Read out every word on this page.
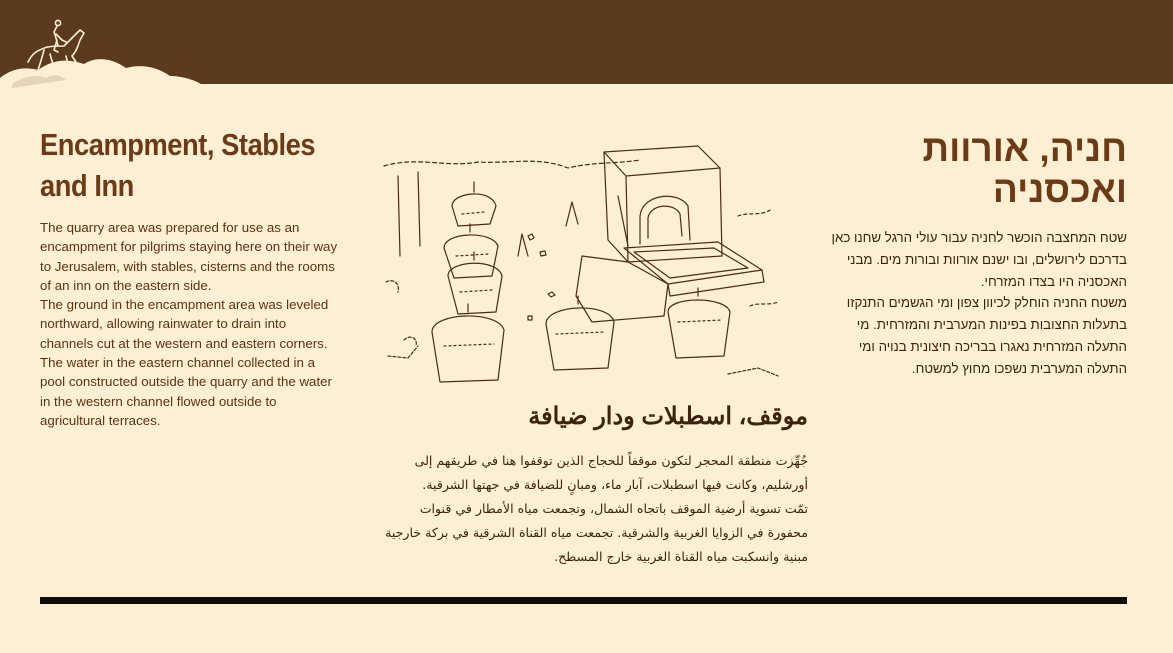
Encampment, Stables and Inn

The quarry area was prepared for use as an encampment for pilgrims staying here on their way to Jerusalem, with stables, cisterns and the rooms of an inn on the eastern side.

The ground in the encampment area was leveled northward, allowing rainwater to drain into channels cut at the western and eastern corners. The water in the eastern channel collected in a pool constructed outside the quarry and the water in the western channel flowed outside to agricultural terraces.

חניה, אורוות ואכסניה

שטח המחצבה הוכשר לחניה עבור עולי הרגל שחנו כאן בדרכם לירושלים, ובו ישנם אורוות ובורות מים. מבני האכסניה היו בצדו המזרחי.

משטח החניה הוחלק לכיוון צפון ומי הגשמים התנקזו בתעלות החצובות בפינות המערבית והמזרחית. מי התעלה המזרחית נאגרו בבריכה חיצונית בנויה ומי התעלה המערבית נשפכו מחוץ למשטח.

موقف، اسطبلات ودار ضيافة

جُهِّزت منطقة المحجر لتكون موقفاً للحجاج الذين توقفوا هنا في طريقهم إلى أورشليم، وكانت فيها اسطبلات، آبار ماء، ومبانٍ للضيافة في جهتها الشرقية.

تمّت تسوية أرضية الموقف باتجاه الشمال، وتجمعت مياه الأمطار في قنوات محفورة في الزوايا الغربية والشرقية. تجمعت مياه القناة الشرقية في بركة خارجية مبنية وانسكبت مياه القناة الغربية خارج المسطح.
